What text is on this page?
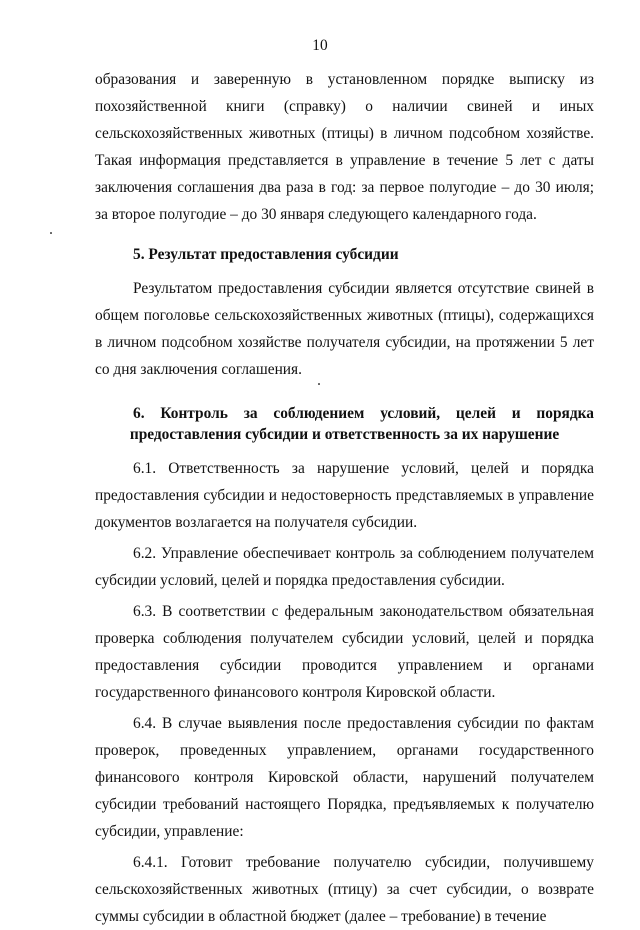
10

образования и заверенную в установленном порядке выписку из похозяйственной книги (справку) о наличии свиней и иных сельскохозяйственных животных (птицы) в личном подсобном хозяйстве. Такая информация представляется в управление в течение 5 лет с даты заключения соглашения два раза в год: за первое полугодие – до 30 июля; за второе полугодие – до 30 января следующего календарного года.

5. Результат предоставления субсидии

Результатом предоставления субсидии является отсутствие свиней в общем поголовье сельскохозяйственных животных (птицы), содержащихся в личном подсобном хозяйстве получателя субсидии, на протяжении 5 лет со дня заключения соглашения.

6. Контроль за соблюдением условий, целей и порядка
предоставления субсидии и ответственность за их нарушение

6.1. Ответственность за нарушение условий, целей и порядка предоставления субсидии и недостоверность представляемых в управление документов возлагается на получателя субсидии.

6.2. Управление обеспечивает контроль за соблюдением получателем субсидии условий, целей и порядка предоставления субсидии.

6.3. В соответствии с федеральным законодательством обязательная проверка соблюдения получателем субсидии условий, целей и порядка предоставления субсидии проводится управлением и органами государственного финансового контроля Кировской области.

6.4. В случае выявления после предоставления субсидии по фактам проверок, проведенных управлением, органами государственного финансового контроля Кировской области, нарушений получателем субсидии требований настоящего Порядка, предъявляемых к получателю субсидии, управление:

6.4.1. Готовит требование получателю субсидии, получившему сельскохозяйственных животных (птицу) за счет субсидии, о возврате суммы субсидии в областной бюджет (далее – требование) в течение
